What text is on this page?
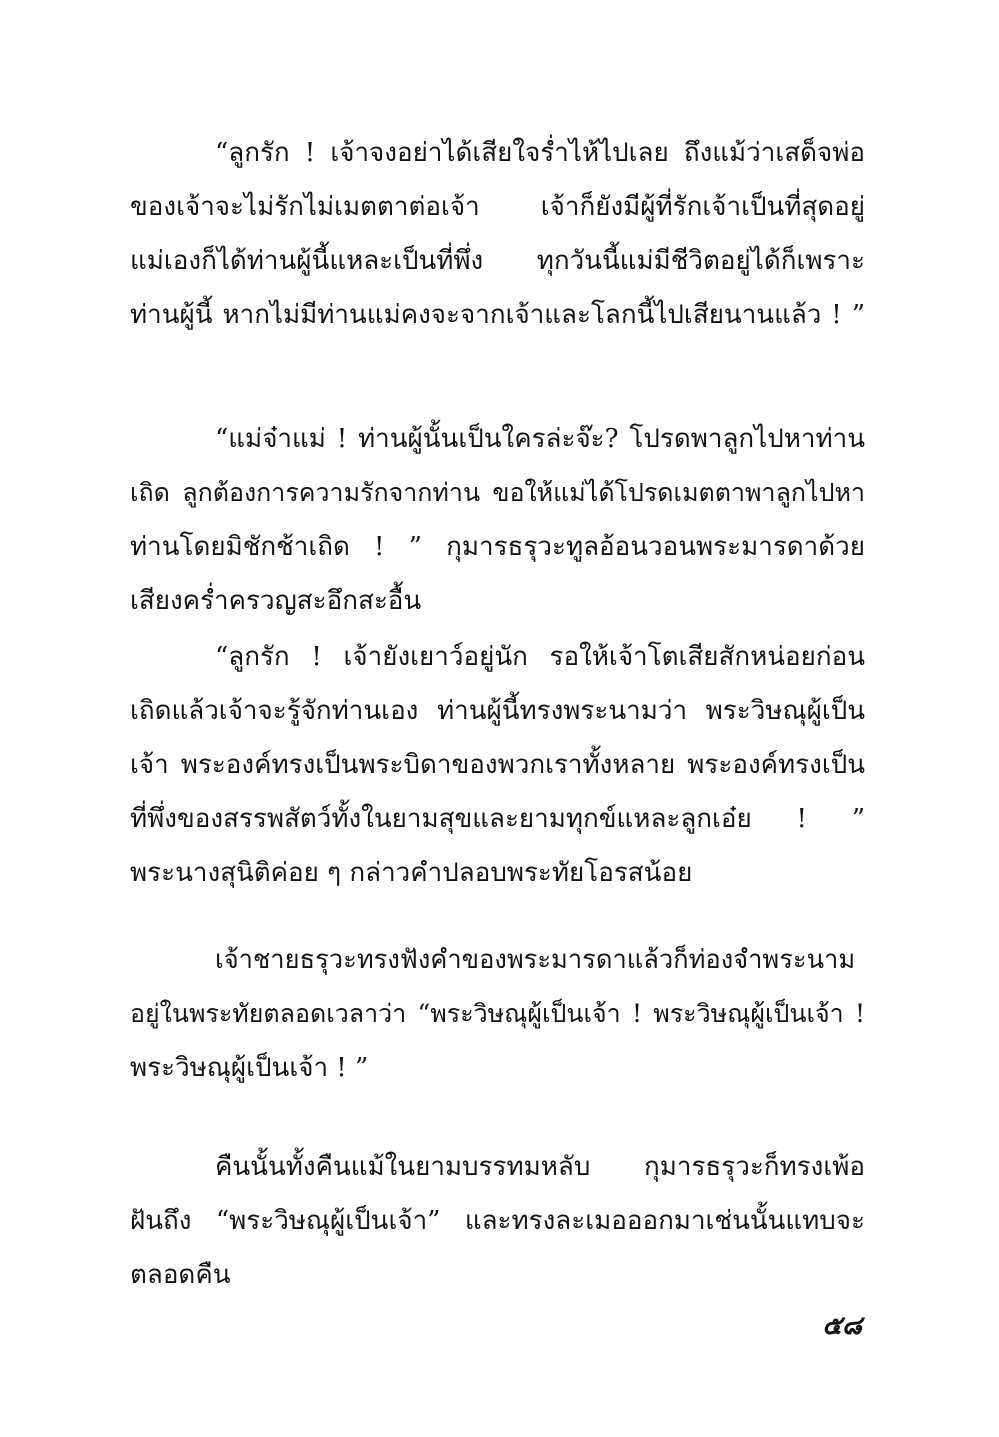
“ลูกรัก ! เจ้าจงอย่าได้เสียใจร่ำไห้ไปเลย ถึงแม้ว่าเสด็จพ่อ
ของเจ้าจะไม่รักไม่เมตตาต่อเจ้า เจ้าก็ยังมีผู้ที่รักเจ้าเป็นที่สุดอยู่
แม่เองก็ได้ท่านผู้นี้แหละเป็นที่พึ่ง ทุกวันนี้แม่มีชีวิตอยู่ได้ก็เพราะ
ท่านผู้นี้ หากไม่มีท่านแม่คงจะจากเจ้าและโลกนี้ไปเสียนานแล้ว ! ”
“แม่จ๋าแม่ ! ท่านผู้นั้นเป็นใครล่ะจ๊ะ? โปรดพาลูกไปหาท่าน
เถิด ลูกต้องการความรักจากท่าน ขอให้แม่ได้โปรดเมตตาพาลูกไปหา
ท่านโดยมิชักช้าเถิด ! ” กุมารธรุวะทูลอ้อนวอนพระมารดาด้วย
เสียงคร่ำครวญสะอึกสะอื้น
“ลูกรัก ! เจ้ายังเยาว์อยู่นัก รอให้เจ้าโตเสียสักหน่อยก่อน
เถิดแล้วเจ้าจะรู้จักท่านเอง ท่านผู้นี้ทรงพระนามว่า พระวิษณุผู้เป็น
เจ้า พระองค์ทรงเป็นพระบิดาของพวกเราทั้งหลาย พระองค์ทรงเป็น
ที่พึ่งของสรรพสัตว์ทั้งในยามสุขและยามทุกข์แหละลูกเอ๋ย ! ”
พระนางสุนิติค่อย ๆ กล่าวคำปลอบพระทัยโอรสน้อย
เจ้าชายธรุวะทรงฟังคำของพระมารดาแล้วก็ท่องจำพระนาม
อยู่ในพระทัยตลอดเวลาว่า “พระวิษณุผู้เป็นเจ้า ! พระวิษณุผู้เป็นเจ้า !
พระวิษณุผู้เป็นเจ้า ! ”
คืนนั้นทั้งคืนแม้ในยามบรรทมหลับ กุมารธรุวะก็ทรงเพ้อ
ฝันถึง “พระวิษณุผู้เป็นเจ้า” และทรงละเมอออกมาเช่นนั้นแทบจะ
ตลอดคืน
๕๘
